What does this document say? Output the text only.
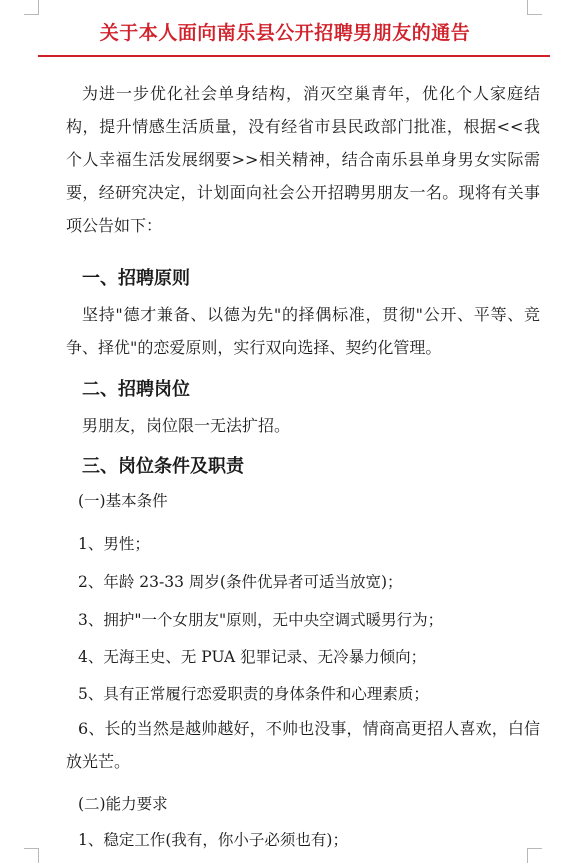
关于本人面向南乐县公开招聘男朋友的通告

为进一步优化社会单身结构，消灭空巢青年，优化个人家庭结构，提升情感生活质量，没有经省市县民政部门批准，根据<<我个人幸福生活发展纲要>>相关精神，结合南乐县单身男女实际需要，经研究决定，计划面向社会公开招聘男朋友一名。现将有关事项公告如下：

一、招聘原则

坚持"德才兼备、以德为先"的择偶标准，贯彻"公开、平等、竞争、择优"的恋爱原则，实行双向选择、契约化管理。

二、招聘岗位

男朋友，岗位限一无法扩招。

三、岗位条件及职责

(一)基本条件

1、男性；

2、年龄 23-33 周岁(条件优异者可适当放宽)；

3、拥护"一个女朋友"原则，无中央空调式暖男行为；

4、无海王史、无 PUA 犯罪记录、无冷暴力倾向；

5、具有正常履行恋爱职责的身体条件和心理素质；

6、长的当然是越帅越好，不帅也没事，情商高更招人喜欢，白信放光芒。

(二)能力要求

1、稳定工作(我有，你小子必须也有)；
